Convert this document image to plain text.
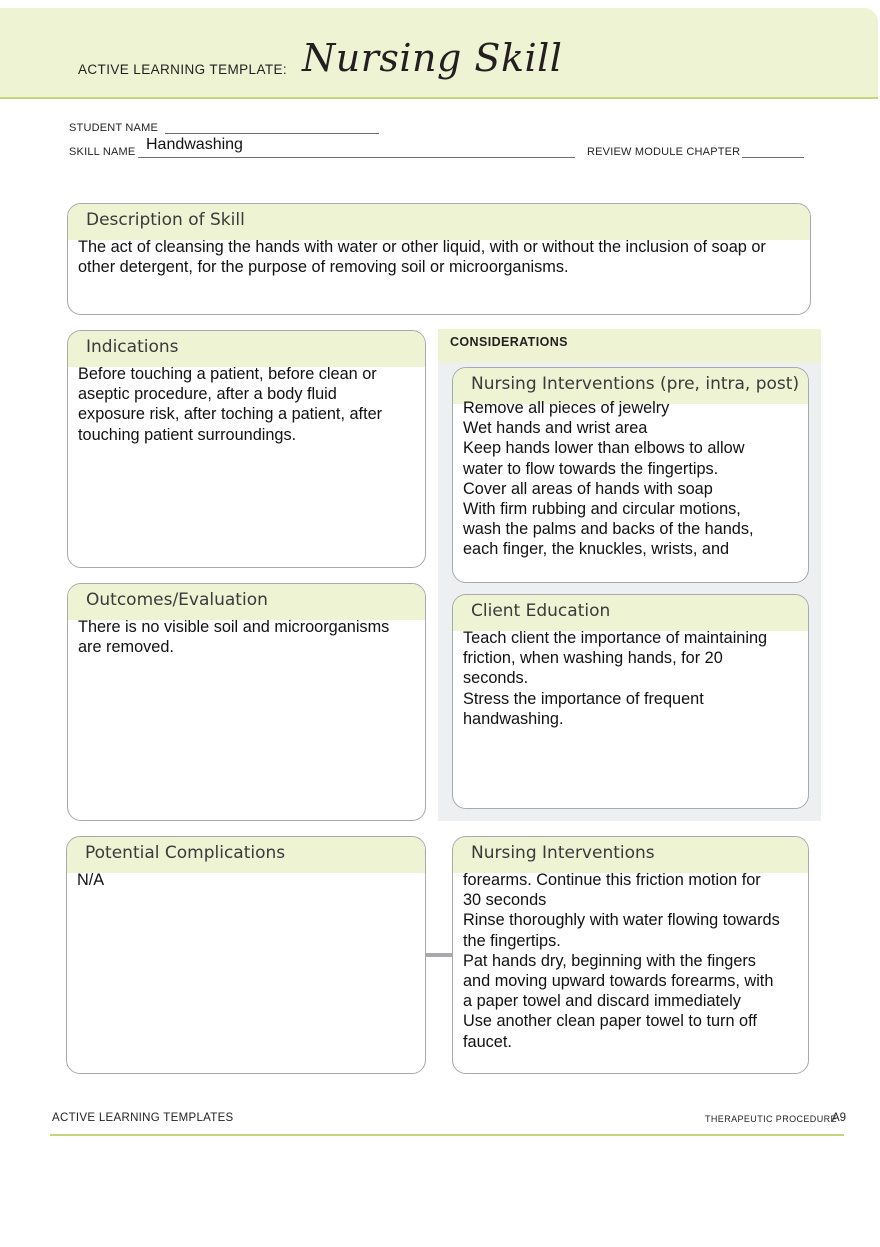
ACTIVE LEARNING TEMPLATE: Nursing Skill
STUDENT NAME
SKILL NAME Handwashing	REVIEW MODULE CHAPTER
Description of Skill
The act of cleansing the hands with water or other liquid, with or without the inclusion of soap or other detergent, for the purpose of removing soil or microorganisms.
Indications
Before touching a patient, before clean or
aseptic procedure, after a body fluid
exposure risk, after toching a patient, after
touching patient surroundings.
CONSIDERATIONS
Nursing Interventions (pre, intra, post)
Remove all pieces of jewelry
Wet hands and wrist area
Keep hands lower than elbows to allow
water to flow towards the fingertips.
Cover all areas of hands with soap
With firm rubbing and circular motions,
wash the palms and backs of the hands,
each finger, the knuckles, wrists, and
Outcomes/Evaluation
There is no visible soil and microorganisms
are removed.
Client Education
Teach client the importance of maintaining
friction, when washing hands, for 20
seconds.
Stress the importance of frequent
handwashing.
Potential Complications
N/A
Nursing Interventions
forearms. Continue this friction motion for
30 seconds
Rinse thoroughly with water flowing towards
the fingertips.
Pat hands dry, beginning with the fingers
and moving upward towards forearms, with
a paper towel and discard immediately
Use another clean paper towel to turn off
faucet.
ACTIVE LEARNING TEMPLATES	THERAPEUTIC PROCEDURE
A9
